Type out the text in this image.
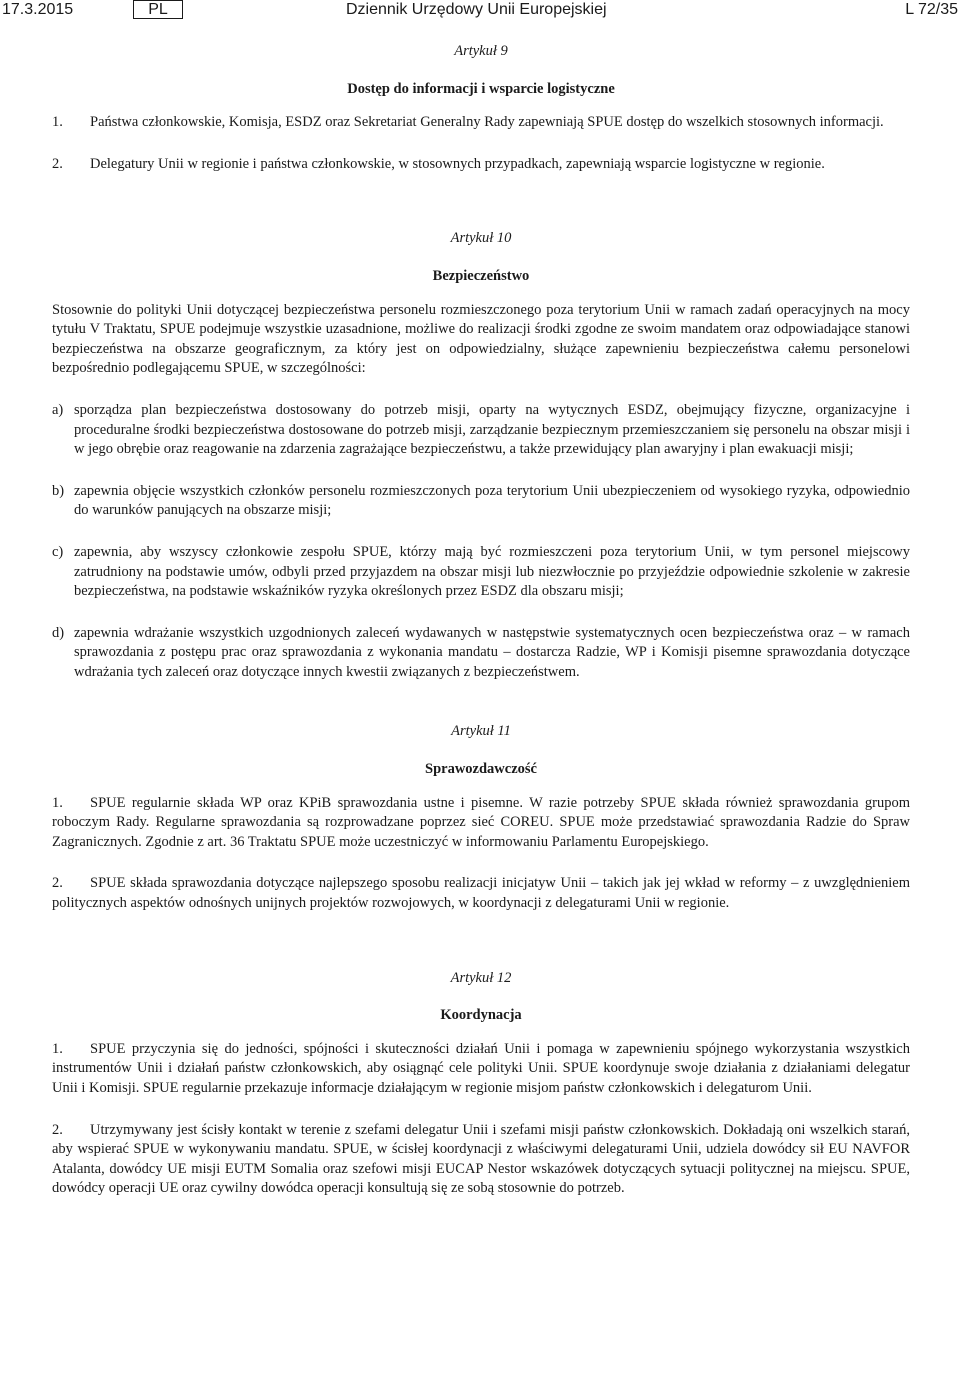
17.3.2015	PL	Dziennik Urzędowy Unii Europejskiej	L 72/35

Artykuł 9

Dostęp do informacji i wsparcie logistyczne

1. Państwa członkowskie, Komisja, ESDZ oraz Sekretariat Generalny Rady zapewniają SPUE dostęp do wszelkich stosownych informacji.

2. Delegatury Unii w regionie i państwa członkowskie, w stosownych przypadkach, zapewniają wsparcie logistyczne w regionie.

Artykuł 10

Bezpieczeństwo

Stosownie do polityki Unii dotyczącej bezpieczeństwa personelu rozmieszczonego poza terytorium Unii w ramach zadań operacyjnych na mocy tytułu V Traktatu, SPUE podejmuje wszystkie uzasadnione, możliwe do realizacji środki zgodne ze swoim mandatem oraz odpowiadające stanowi bezpieczeństwa na obszarze geograficznym, za który jest on odpowiedzialny, służące zapewnieniu bezpieczeństwa całemu personelowi bezpośrednio podlegającemu SPUE, w szczególności:

a) sporządza plan bezpieczeństwa dostosowany do potrzeb misji, oparty na wytycznych ESDZ, obejmujący fizyczne, organizacyjne i proceduralne środki bezpieczeństwa dostosowane do potrzeb misji, zarządzanie bezpiecznym przemieszczaniem się personelu na obszar misji i w jego obrębie oraz reagowanie na zdarzenia zagrażające bezpieczeństwu, a także przewidujący plan awaryjny i plan ewakuacji misji;
b) zapewnia objęcie wszystkich członków personelu rozmieszczonych poza terytorium Unii ubezpieczeniem od wysokiego ryzyka, odpowiednio do warunków panujących na obszarze misji;
c) zapewnia, aby wszyscy członkowie zespołu SPUE, którzy mają być rozmieszczeni poza terytorium Unii, w tym personel miejscowy zatrudniony na podstawie umów, odbyli przed przyjazdem na obszar misji lub niezwłocznie po przyjeździe odpowiednie szkolenie w zakresie bezpieczeństwa, na podstawie wskaźników ryzyka określonych przez ESDZ dla obszaru misji;
d) zapewnia wdrażanie wszystkich uzgodnionych zaleceń wydawanych w następstwie systematycznych ocen bezpieczeństwa oraz – w ramach sprawozdania z postępu prac oraz sprawozdania z wykonania mandatu – dostarcza Radzie, WP i Komisji pisemne sprawozdania dotyczące wdrażania tych zaleceń oraz dotyczące innych kwestii związanych z bezpieczeństwem.

Artykuł 11

Sprawozdawczość

1. SPUE regularnie składa WP oraz KPiB sprawozdania ustne i pisemne. W razie potrzeby SPUE składa również sprawozdania grupom roboczym Rady. Regularne sprawozdania są rozprowadzane poprzez sieć COREU. SPUE może przedstawiać sprawozdania Radzie do Spraw Zagranicznych. Zgodnie z art. 36 Traktatu SPUE może uczestniczyć w informowaniu Parlamentu Europejskiego.

2. SPUE składa sprawozdania dotyczące najlepszego sposobu realizacji inicjatyw Unii – takich jak jej wkład w reformy – z uwzględnieniem politycznych aspektów odnośnych unijnych projektów rozwojowych, w koordynacji z delegaturami Unii w regionie.

Artykuł 12

Koordynacja

1. SPUE przyczynia się do jedności, spójności i skuteczności działań Unii i pomaga w zapewnieniu spójnego wykorzystania wszystkich instrumentów Unii i działań państw członkowskich, aby osiągnąć cele polityki Unii. SPUE koordynuje swoje działania z działaniami delegatur Unii i Komisji. SPUE regularnie przekazuje informacje działającym w regionie misjom państw członkowskich i delegaturom Unii.

2. Utrzymywany jest ścisły kontakt w terenie z szefami delegatur Unii i szefami misji państw członkowskich. Dokładają oni wszelkich starań, aby wspierać SPUE w wykonywaniu mandatu. SPUE, w ścisłej koordynacji z właściwymi delegaturami Unii, udziela dowódcy sił EU NAVFOR Atalanta, dowódcy UE misji EUTM Somalia oraz szefowi misji EUCAP Nestor wskazówek dotyczących sytuacji politycznej na miejscu. SPUE, dowódcy operacji UE oraz cywilny dowódca operacji konsultują się ze sobą stosownie do potrzeb.
